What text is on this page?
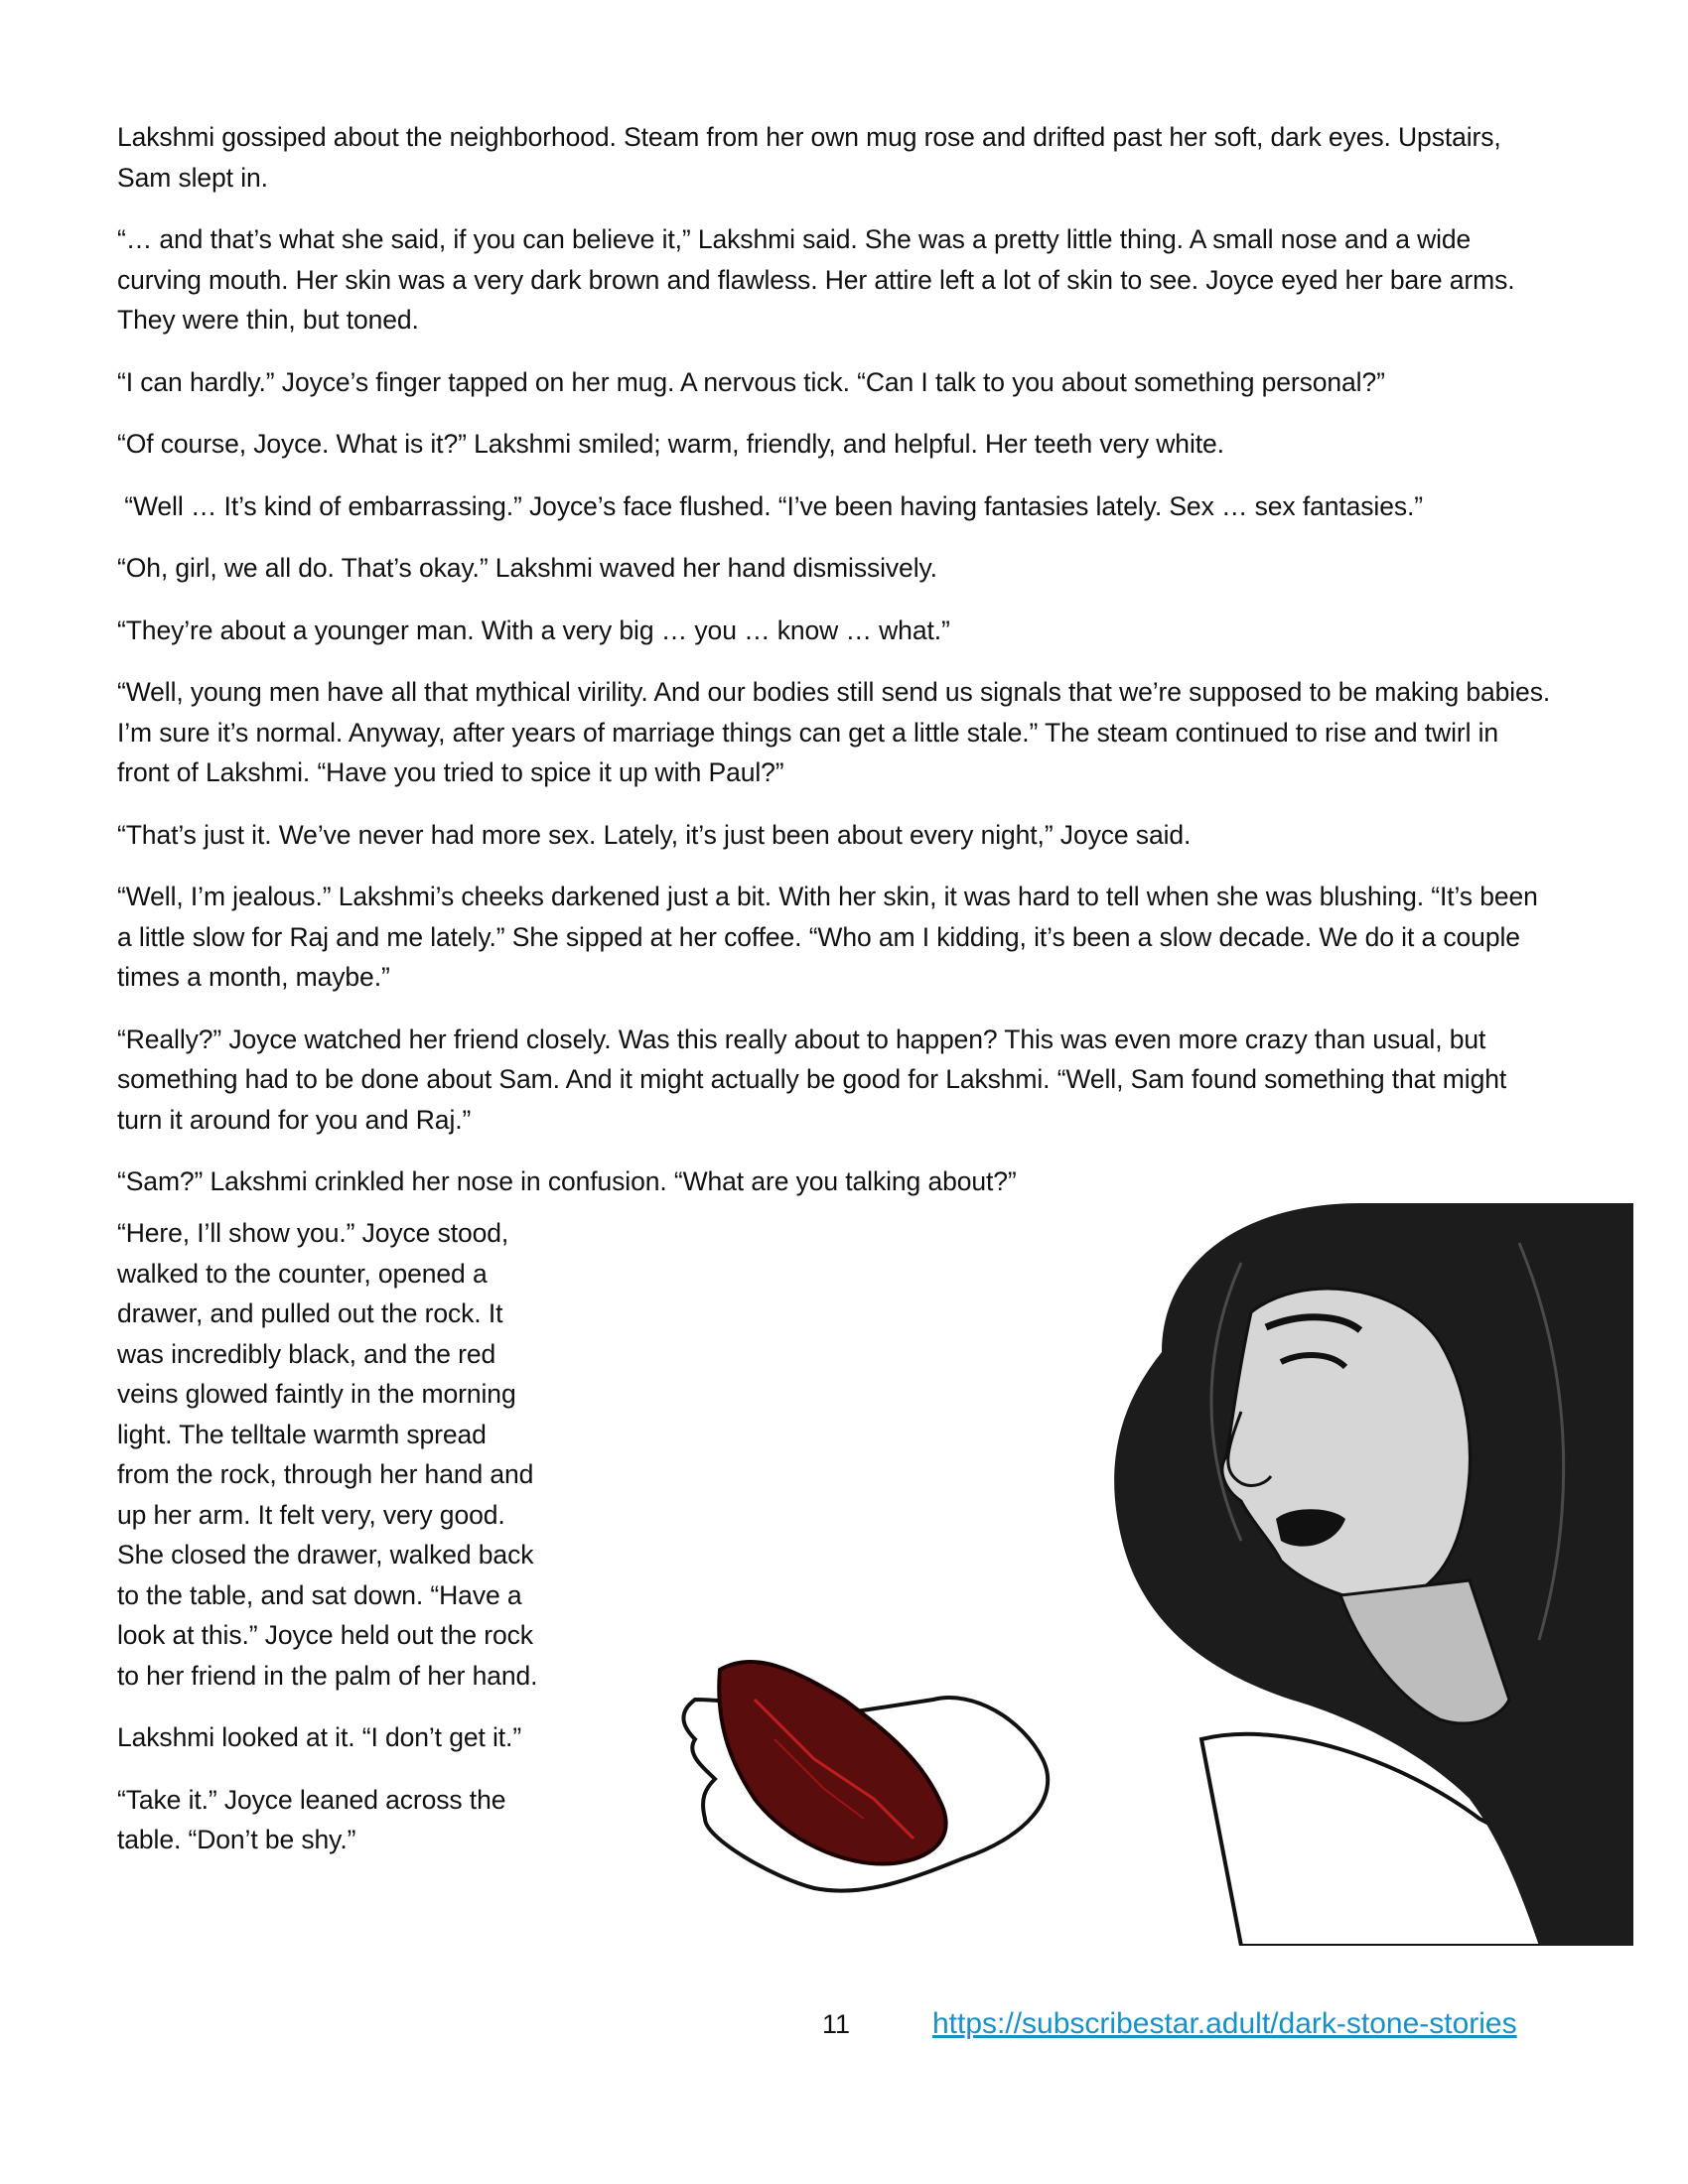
Lakshmi gossiped about the neighborhood. Steam from her own mug rose and drifted past her soft, dark eyes. Upstairs, Sam slept in.

“… and that’s what she said, if you can believe it,” Lakshmi said. She was a pretty little thing. A small nose and a wide curving mouth. Her skin was a very dark brown and flawless. Her attire left a lot of skin to see. Joyce eyed her bare arms. They were thin, but toned.

“I can hardly.” Joyce’s finger tapped on her mug. A nervous tick. “Can I talk to you about something personal?”

“Of course, Joyce. What is it?” Lakshmi smiled; warm, friendly, and helpful. Her teeth very white.

“Well … It’s kind of embarrassing.” Joyce’s face flushed. “I’ve been having fantasies lately. Sex … sex fantasies.”

“Oh, girl, we all do. That’s okay.” Lakshmi waved her hand dismissively.

“They’re about a younger man. With a very big … you … know … what.”

“Well, young men have all that mythical virility. And our bodies still send us signals that we’re supposed to be making babies. I’m sure it’s normal. Anyway, after years of marriage things can get a little stale.” The steam continued to rise and twirl in front of Lakshmi. “Have you tried to spice it up with Paul?”

“That’s just it. We’ve never had more sex. Lately, it’s just been about every night,” Joyce said.

“Well, I’m jealous.” Lakshmi’s cheeks darkened just a bit. With her skin, it was hard to tell when she was blushing. “It’s been a little slow for Raj and me lately.” She sipped at her coffee. “Who am I kidding, it’s been a slow decade. We do it a couple times a month, maybe.”

“Really?” Joyce watched her friend closely. Was this really about to happen? This was even more crazy than usual, but something had to be done about Sam. And it might actually be good for Lakshmi. “Well, Sam found something that might turn it around for you and Raj.”

“Sam?” Lakshmi crinkled her nose in confusion. “What are you talking about?”

“Here, I’ll show you.” Joyce stood, walked to the counter, opened a drawer, and pulled out the rock. It was incredibly black, and the red veins glowed faintly in the morning light. The telltale warmth spread from the rock, through her hand and up her arm. It felt very, very good. She closed the drawer, walked back to the table, and sat down. “Have a look at this.” Joyce held out the rock to her friend in the palm of her hand.

Lakshmi looked at it. “I don’t get it.”

“Take it.” Joyce leaned across the table. “Don’t be shy.”

11	https://subscribestar.adult/dark-stone-stories
